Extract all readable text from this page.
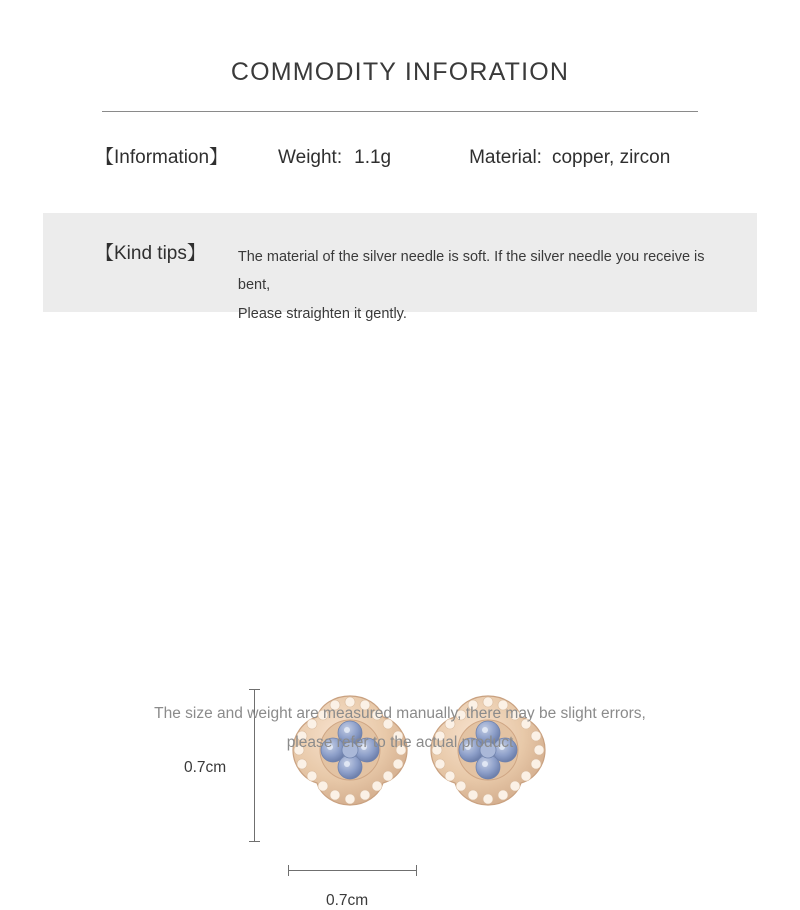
COMMODITY INFORATION
【Information】	Weight: 1.1g	Material: copper, zircon
【Kind tips】 The material of the silver needle is soft. If the silver needle you receive is bent,
Please straighten it gently.
0.7cm
0.7cm
The size and weight are measured manually, there may be slight errors,
please refer to the actual product
